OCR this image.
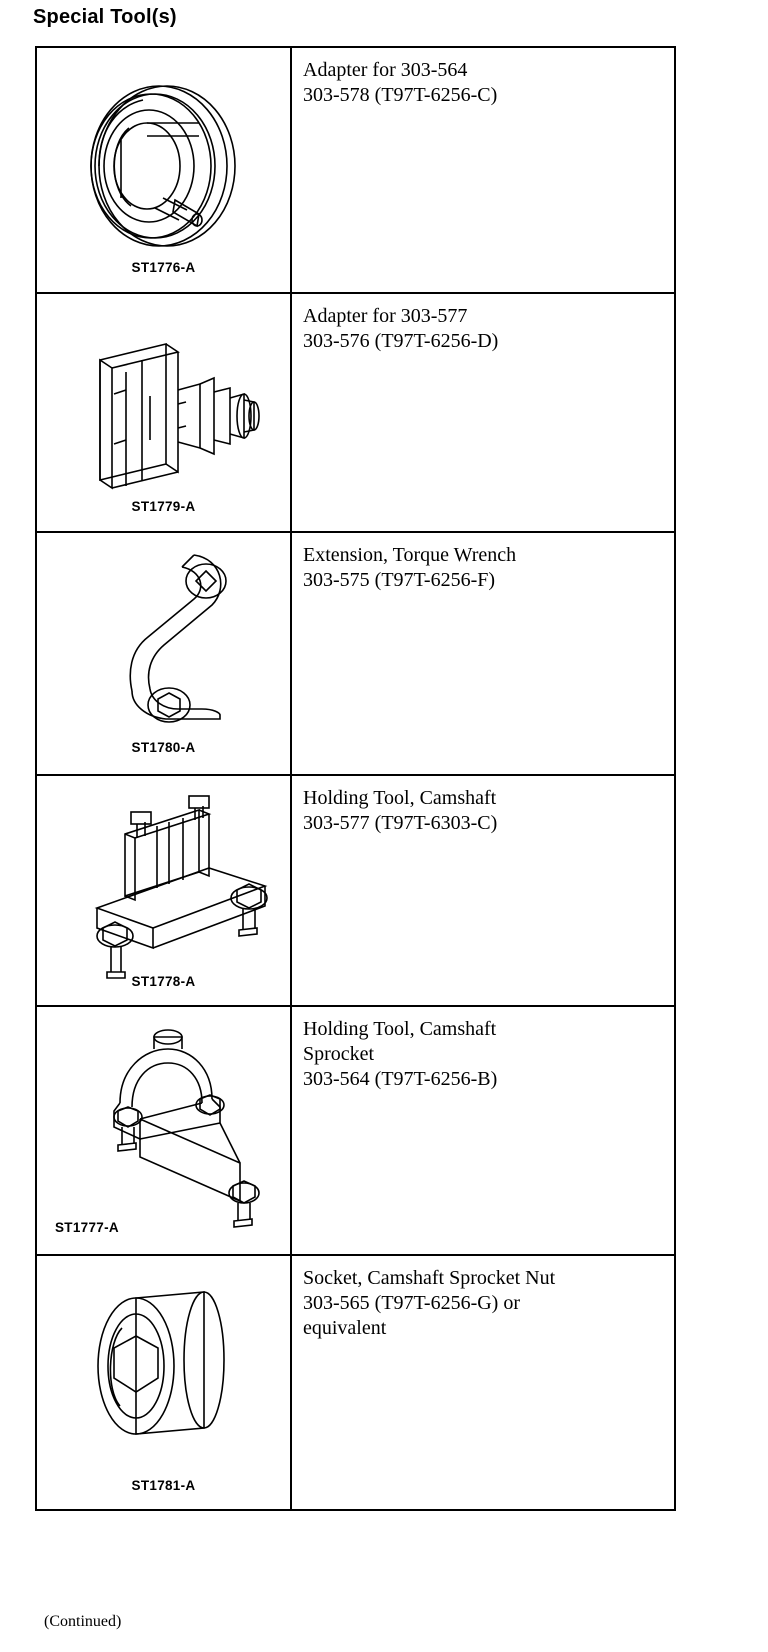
Special Tool(s)
ST1776-A	Adapter for 303-564
303-578 (T97T-6256-C)

ST1779-A	Adapter for 303-577
303-576 (T97T-6256-D)

ST1780-A	Extension, Torque Wrench
303-575 (T97T-6256-F)

ST1778-A	Holding Tool, Camshaft
303-577 (T97T-6303-C)

ST1777-A	Holding Tool, Camshaft
Sprocket
303-564 (T97T-6256-B)

ST1781-A	Socket, Camshaft Sprocket Nut
303-565 (T97T-6256-G) or
equivalent
(Continued)
